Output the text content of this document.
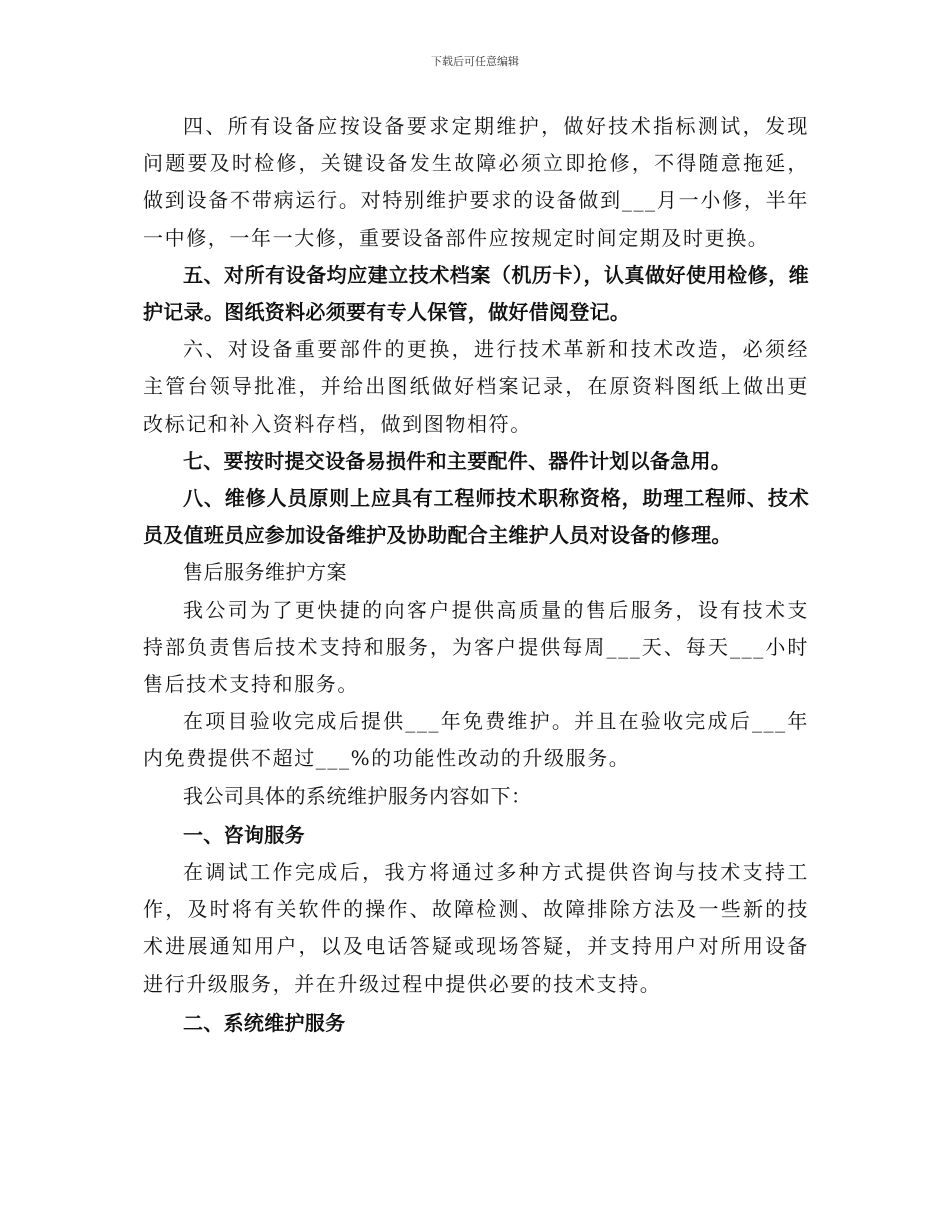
下载后可任意编辑

四、所有设备应按设备要求定期维护，做好技术指标测试，发现问题要及时检修，关键设备发生故障必须立即抢修，不得随意拖延，做到设备不带病运行。对特别维护要求的设备做到___月一小修，半年一中修，一年一大修，重要设备部件应按规定时间定期及时更换。

五、对所有设备均应建立技术档案（机历卡），认真做好使用检修，维护记录。图纸资料必须要有专人保管，做好借阅登记。

六、对设备重要部件的更换，进行技术革新和技术改造，必须经主管台领导批准，并给出图纸做好档案记录，在原资料图纸上做出更改标记和补入资料存档，做到图物相符。

七、要按时提交设备易损件和主要配件、器件计划以备急用。

八、维修人员原则上应具有工程师技术职称资格，助理工程师、技术员及值班员应参加设备维护及协助配合主维护人员对设备的修理。

售后服务维护方案

我公司为了更快捷的向客户提供高质量的售后服务，设有技术支持部负责售后技术支持和服务，为客户提供每周___天、每天___小时售后技术支持和服务。

在项目验收完成后提供___年免费维护。并且在验收完成后___年内免费提供不超过___%的功能性改动的升级服务。

我公司具体的系统维护服务内容如下：

一、咨询服务

在调试工作完成后，我方将通过多种方式提供咨询与技术支持工作，及时将有关软件的操作、故障检测、故障排除方法及一些新的技术进展通知用户，以及电话答疑或现场答疑，并支持用户对所用设备进行升级服务，并在升级过程中提供必要的技术支持。

二、系统维护服务
